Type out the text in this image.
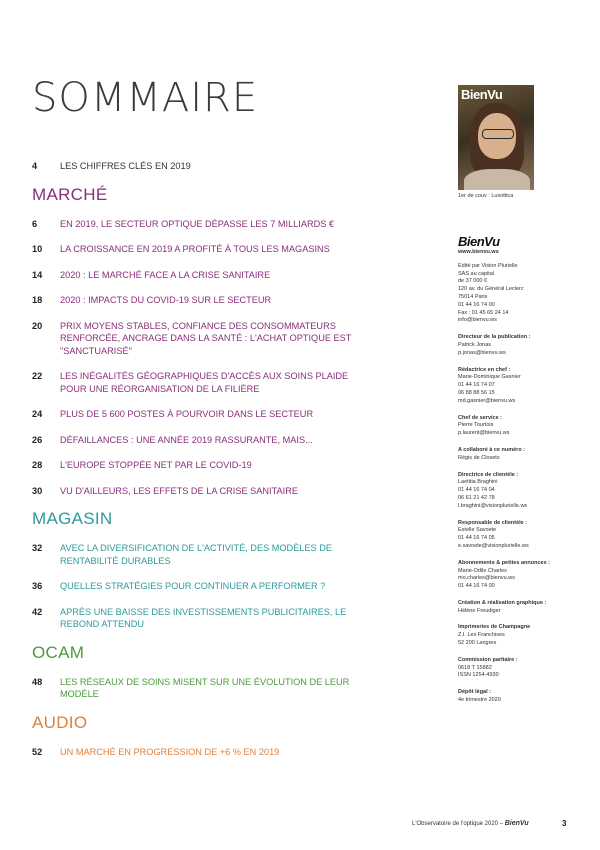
SOMMAIRE
4	LES CHIFFRES CLÉS EN 2019
MARCHÉ
6	EN 2019, LE SECTEUR OPTIQUE DÉPASSE LES 7 MILLIARDS €
10	LA CROISSANCE EN 2019 A PROFITÉ À TOUS LES MAGASINS
14	2020 : LE MARCHÉ FACE A LA CRISE SANITAIRE
18	2020 : IMPACTS DU COVID-19 SUR LE SECTEUR
20	PRIX MOYENS STABLES, CONFIANCE DES CONSOMMATEURS RENFORCÉE, ANCRAGE DANS LA SANTÉ : L'ACHAT OPTIQUE EST "SANCTUARISÉ"
22	LES INÉGALITÉS GÉOGRAPHIQUES D'ACCÈS AUX SOINS PLAIDE POUR UNE RÉORGANISATION DE LA FILIÈRE
24	PLUS DE 5 600 POSTES À POURVOIR DANS LE SECTEUR
26	DÉFAILLANCES : UNE ANNÉE 2019 RASSURANTE, MAIS...
28	L'EUROPE STOPPÉE NET PAR LE COVID-19
30	VU D'AILLEURS, LES EFFETS DE LA CRISE SANITAIRE
MAGASIN
32	AVEC LA DIVERSIFICATION DE L'ACTIVITÉ, DES MODÈLES DE RENTABILITÉ DURABLES
36	QUELLES STRATÉGIES POUR CONTINUER A PERFORMER ?
42	APRÈS UNE BAISSE DES INVESTISSEMENTS PUBLICITAIRES, LE REBOND ATTENDU
OCAM
48	LES RÉSEAUX DE SOINS MISENT SUR UNE ÉVOLUTION DE LEUR MODÈLE
AUDIO
52	UN MARCHÉ EN PROGRESSION DE +6 % EN 2019
BienVu
1er de couv : Luxottica
BienVu
www.bienvu.ws
Edité par Vision Plurielle
SAS au capital
de 37 000 €
120 av. du Général Leclerc
75014 Paris
01 44 16 74 00
Fax : 01 45 65 24 14
info@bienvu.ws
Directeur de la publication :
Patrick Jonas
p.jonas@bienvu.ws
Rédactrice en chef :
Marie-Dominique Gasnier
01 44 16 74 07
06 88 88 56 15
md.gasnier@bienvu.ws
Chef de service :
Pierre Tourtois
p.laurent@bienvu.ws
A collaboré à ce numéro :
Régis de Closets
Directrice de clientèle :
Laetitia Braghini
01 44 16 74 04
06 61 21 42 78
l.braghini@visionplurielle.ws
Responsable de clientèle :
Estelle Savoete
01 44 16 74 05
e.savoete@visionplurielle.ws
Abonnements & petites annonces :
Marie-Odile Charles
mo.charles@bienvu.ws
01 44 16 74 00
Création & réalisation graphique :
Hélène Freudiger
Imprimeries de Champagne
Z.I. Les Franchises
52 200 Langres
Commission paritaire :
0618 T 15882
ISSN 1254-4930
Dépôt légal :
4e trimestre 2020
L'Observatoire de l'optique 2020 – BienVu	3
